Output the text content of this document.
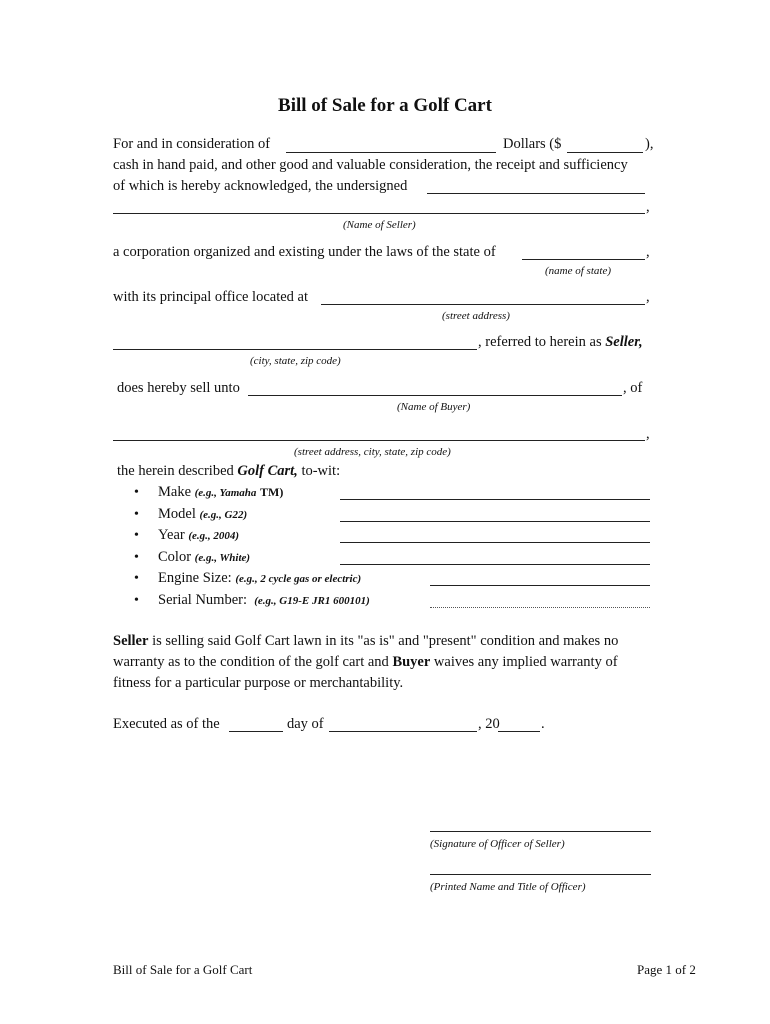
Bill of Sale for a Golf Cart
For and in consideration of	Dollars ($	),
cash in hand paid, and other good and valuable consideration, the receipt and sufficiency
of which is hereby acknowledged, the undersigned
,
(Name of Seller)
a corporation organized and existing under the laws of the state of	,
(name of state)
with its principal office located at	,
(street address)
, referred to herein as Seller,
(city, state, zip code)
does hereby sell unto	, of
(Name of Buyer)
,
(street address, city, state, zip code)
the herein described Golf Cart, to-wit:
• Make (e.g., Yamaha TM)
• Model (e.g., G22)
• Year (e.g., 2004)
• Color (e.g., White)
• Engine Size: (e.g., 2 cycle gas or electric)
• Serial Number: (e.g., G19-E JR1 600101)
Seller is selling said Golf Cart lawn in its "as is" and "present" condition and makes no
warranty as to the condition of the golf cart and Buyer waives any implied warranty of
fitness for a particular purpose or merchantability.
Executed as of the	day of	, 20	.
(Signature of Officer of Seller)
(Printed Name and Title of Officer)
Bill of Sale for a Golf Cart	Page 1 of 2
